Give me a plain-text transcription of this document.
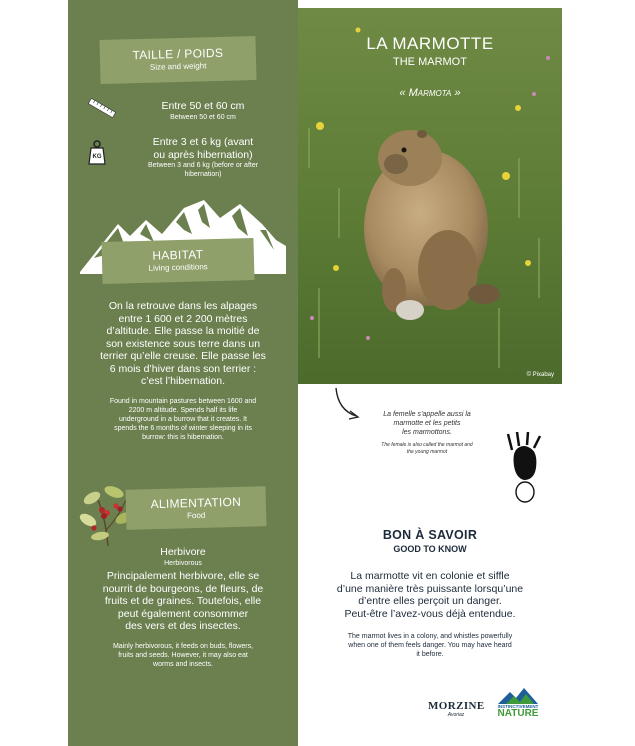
TAILLE / POIDS
Size and weight
Entre 50 et 60 cm
Between 50 et 60 cm
KG
Entre 3 et 6 kg (avant
ou après hibernation)
Between 3 and 6 kg (before or after
hibernation)
HABITAT
Living conditions
On la retrouve dans les alpages
entre 1 600 et 2 200 mètres
d’altitude. Elle passe la moitié de
son existence sous terre dans un
terrier qu’elle creuse. Elle passe les
6 mois d’hiver dans son terrier :
c’est l’hibernation.
Found in mountain pastures between 1600 and
2200 m altitude. Spends half its life
underground in a burrow that it creates. It
spends the 6 months of winter sleeping in its
burrow: this is hibernation.
ALIMENTATION
Food
Herbivore
Herbivorous
Principalement herbivore, elle se
nourrit de bourgeons, de fleurs, de
fruits et de graines. Toutefois, elle
peut également consommer
des vers et des insectes.
Mainly herbivorous, it feeds on buds, flowers,
fruits and seeds. However, it may also eat
worms and insects.
LA MARMOTTE
THE MARMOT
« Marmota »
© Pixabay
La femelle s’appelle aussi la
marmotte et les petits
les marmottons.
The female is also called the marmot and
the young marmot
BON À SAVOIR
GOOD TO KNOW
La marmotte vit en colonie et siffle
d’une manière très puissante lorsqu’une
d’entre elles perçoit un danger.
Peut-être l’avez-vous déjà entendue.
The marmot lives in a colony, and whistles powerfully
when one of them feels danger. You may have heard
it before.
MORZINE
Avoriaz
INSTINCTIVEMENT
NATURE
